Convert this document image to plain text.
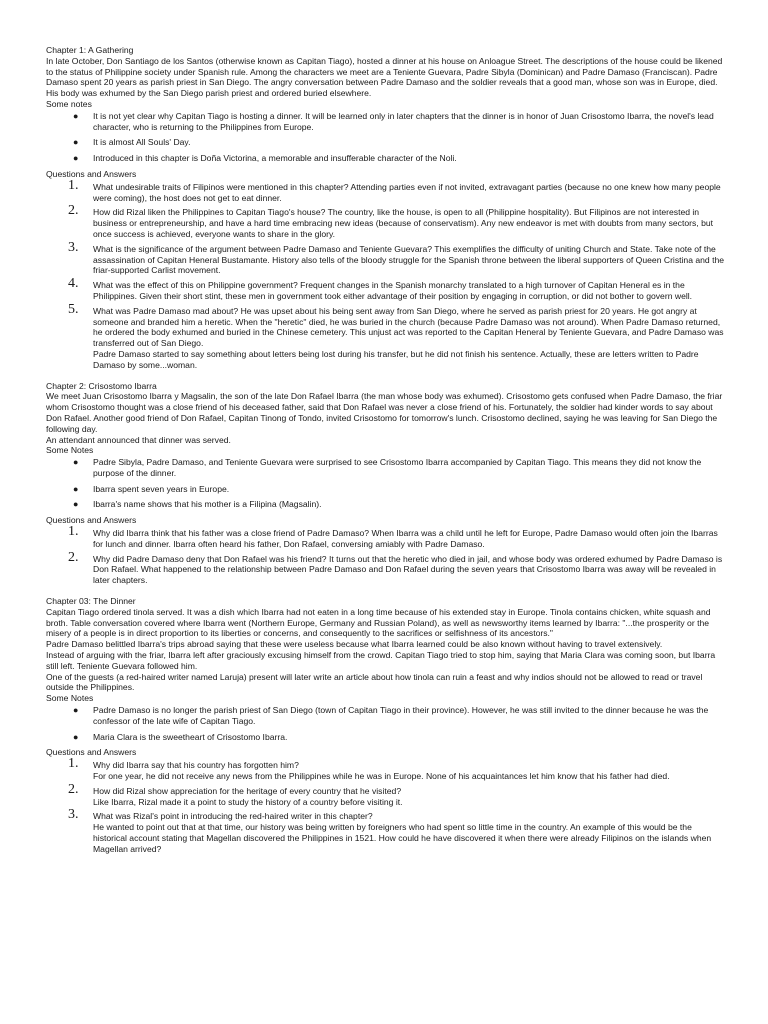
Chapter 1: A Gathering

In late October, Don Santiago de los Santos (otherwise known as Capitan Tiago), hosted a dinner at his house on Anloague Street. The descriptions of the house could be likened to the status of Philippine society under Spanish rule. Among the characters we meet are a Teniente Guevara, Padre Sibyla (Dominican) and Padre Damaso (Franciscan). Padre Damaso spent 20 years as parish priest in San Diego. The angry conversation between Padre Damaso and the soldier reveals that a good man, whose son was in Europe, died. His body was exhumed by the San Diego parish priest and ordered buried elsewhere.

Some notes

● It is not yet clear why Capitan Tiago is hosting a dinner. It will be learned only in later chapters that the dinner is in honor of Juan Crisostomo Ibarra, the novel's lead character, who is returning to the Philippines from Europe.
● It is almost All Souls' Day.
● Introduced in this chapter is Doña Victorina, a memorable and insufferable character of the Noli.

Questions and Answers

1. What undesirable traits of Filipinos were mentioned in this chapter? Attending parties even if not invited, extravagant parties (because no one knew how many people were coming), the host does not get to eat dinner.
2. How did Rizal liken the Philippines to Capitan Tiago's house? The country, like the house, is open to all (Philippine hospitality). But Filipinos are not interested in business or entrepreneurship, and have a hard time embracing new ideas (because of conservatism). Any new endeavor is met with doubts from many sectors, but once success is achieved, everyone wants to share in the glory.
3. What is the significance of the argument between Padre Damaso and Teniente Guevara? This exemplifies the difficulty of uniting Church and State. Take note of the assassination of Capitan Heneral Bustamante. History also tells of the bloody struggle for the Spanish throne between the liberal supporters of Queen Cristina and the friar-supported Carlist movement.
4. What was the effect of this on Philippine government? Frequent changes in the Spanish monarchy translated to a high turnover of Capitan Heneral es in the Philippines. Given their short stint, these men in government took either advantage of their position by engaging in corruption, or did not bother to govern well.
5. What was Padre Damaso mad about? He was upset about his being sent away from San Diego, where he served as parish priest for 20 years. He got angry at someone and branded him a heretic. When the "heretic" died, he was buried in the church (because Padre Damaso was not around). When Padre Damaso returned, he ordered the body exhumed and buried in the Chinese cemetery. This unjust act was reported to the Capitan Heneral by Teniente Guevara, and Padre Damaso was transferred out of San Diego.
Padre Damaso started to say something about letters being lost during his transfer, but he did not finish his sentence. Actually, these are letters written to Padre Damaso by some...woman.

Chapter 2: Crisostomo Ibarra

We meet Juan Crisostomo Ibarra y Magsalin, the son of the late Don Rafael Ibarra (the man whose body was exhumed). Crisostomo gets confused when Padre Damaso, the friar whom Crisostomo thought was a close friend of his deceased father, said that Don Rafael was never a close friend of his. Fortunately, the soldier had kinder words to say about Don Rafael. Another good friend of Don Rafael, Capitan Tinong of Tondo, invited Crisostomo for tomorrow's lunch. Crisostomo declined, saying he was leaving for San Diego the following day.

An attendant announced that dinner was served.

Some Notes

● Padre Sibyla, Padre Damaso, and Teniente Guevara were surprised to see Crisostomo Ibarra accompanied by Capitan Tiago. This means they did not know the purpose of the dinner.
● Ibarra spent seven years in Europe.
● Ibarra's name shows that his mother is a Filipina (Magsalin).

Questions and Answers

1. Why did Ibarra think that his father was a close friend of Padre Damaso? When Ibarra was a child until he left for Europe, Padre Damaso would often join the Ibarras for lunch and dinner. Ibarra often heard his father, Don Rafael, conversing amiably with Padre Damaso.
2. Why did Padre Damaso deny that Don Rafael was his friend? It turns out that the heretic who died in jail, and whose body was ordered exhumed by Padre Damaso is Don Rafael. What happened to the relationship between Padre Damaso and Don Rafael during the seven years that Crisostomo Ibarra was away will be revealed in later chapters.

Chapter 03: The Dinner

Capitan Tiago ordered tinola served. It was a dish which Ibarra had not eaten in a long time because of his extended stay in Europe. Tinola contains chicken, white squash and broth. Table conversation covered where Ibarra went (Northern Europe, Germany and Russian Poland), as well as newsworthy items learned by Ibarra: "...the prosperity or the misery of a people is in direct proportion to its liberties or concerns, and consequently to the sacrifices or selfishness of its ancestors."

Padre Damaso belittled Ibarra's trips abroad saying that these were useless because what Ibarra learned could be also known without having to travel extensively.

Instead of arguing with the friar, Ibarra left after graciously excusing himself from the crowd. Capitan Tiago tried to stop him, saying that Maria Clara was coming soon, but Ibarra still left. Teniente Guevara followed him.

One of the guests (a red-haired writer named Laruja) present will later write an article about how tinola can ruin a feast and why indios should not be allowed to read or travel outside the Philippines.

Some Notes

● Padre Damaso is no longer the parish priest of San Diego (town of Capitan Tiago in their province). However, he was still invited to the dinner because he was the confessor of the late wife of Capitan Tiago.
● Maria Clara is the sweetheart of Crisostomo Ibarra.

Questions and Answers

1. Why did Ibarra say that his country has forgotten him?
For one year, he did not receive any news from the Philippines while he was in Europe. None of his acquaintances let him know that his father had died.
2. How did Rizal show appreciation for the heritage of every country that he visited?
Like Ibarra, Rizal made it a point to study the history of a country before visiting it.
3. What was Rizal's point in introducing the red-haired writer in this chapter?
He wanted to point out that at that time, our history was being written by foreigners who had spent so little time in the country. An example of this would be the historical account stating that Magellan discovered the Philippines in 1521. How could he have discovered it when there were already Filipinos on the islands when Magellan arrived?
